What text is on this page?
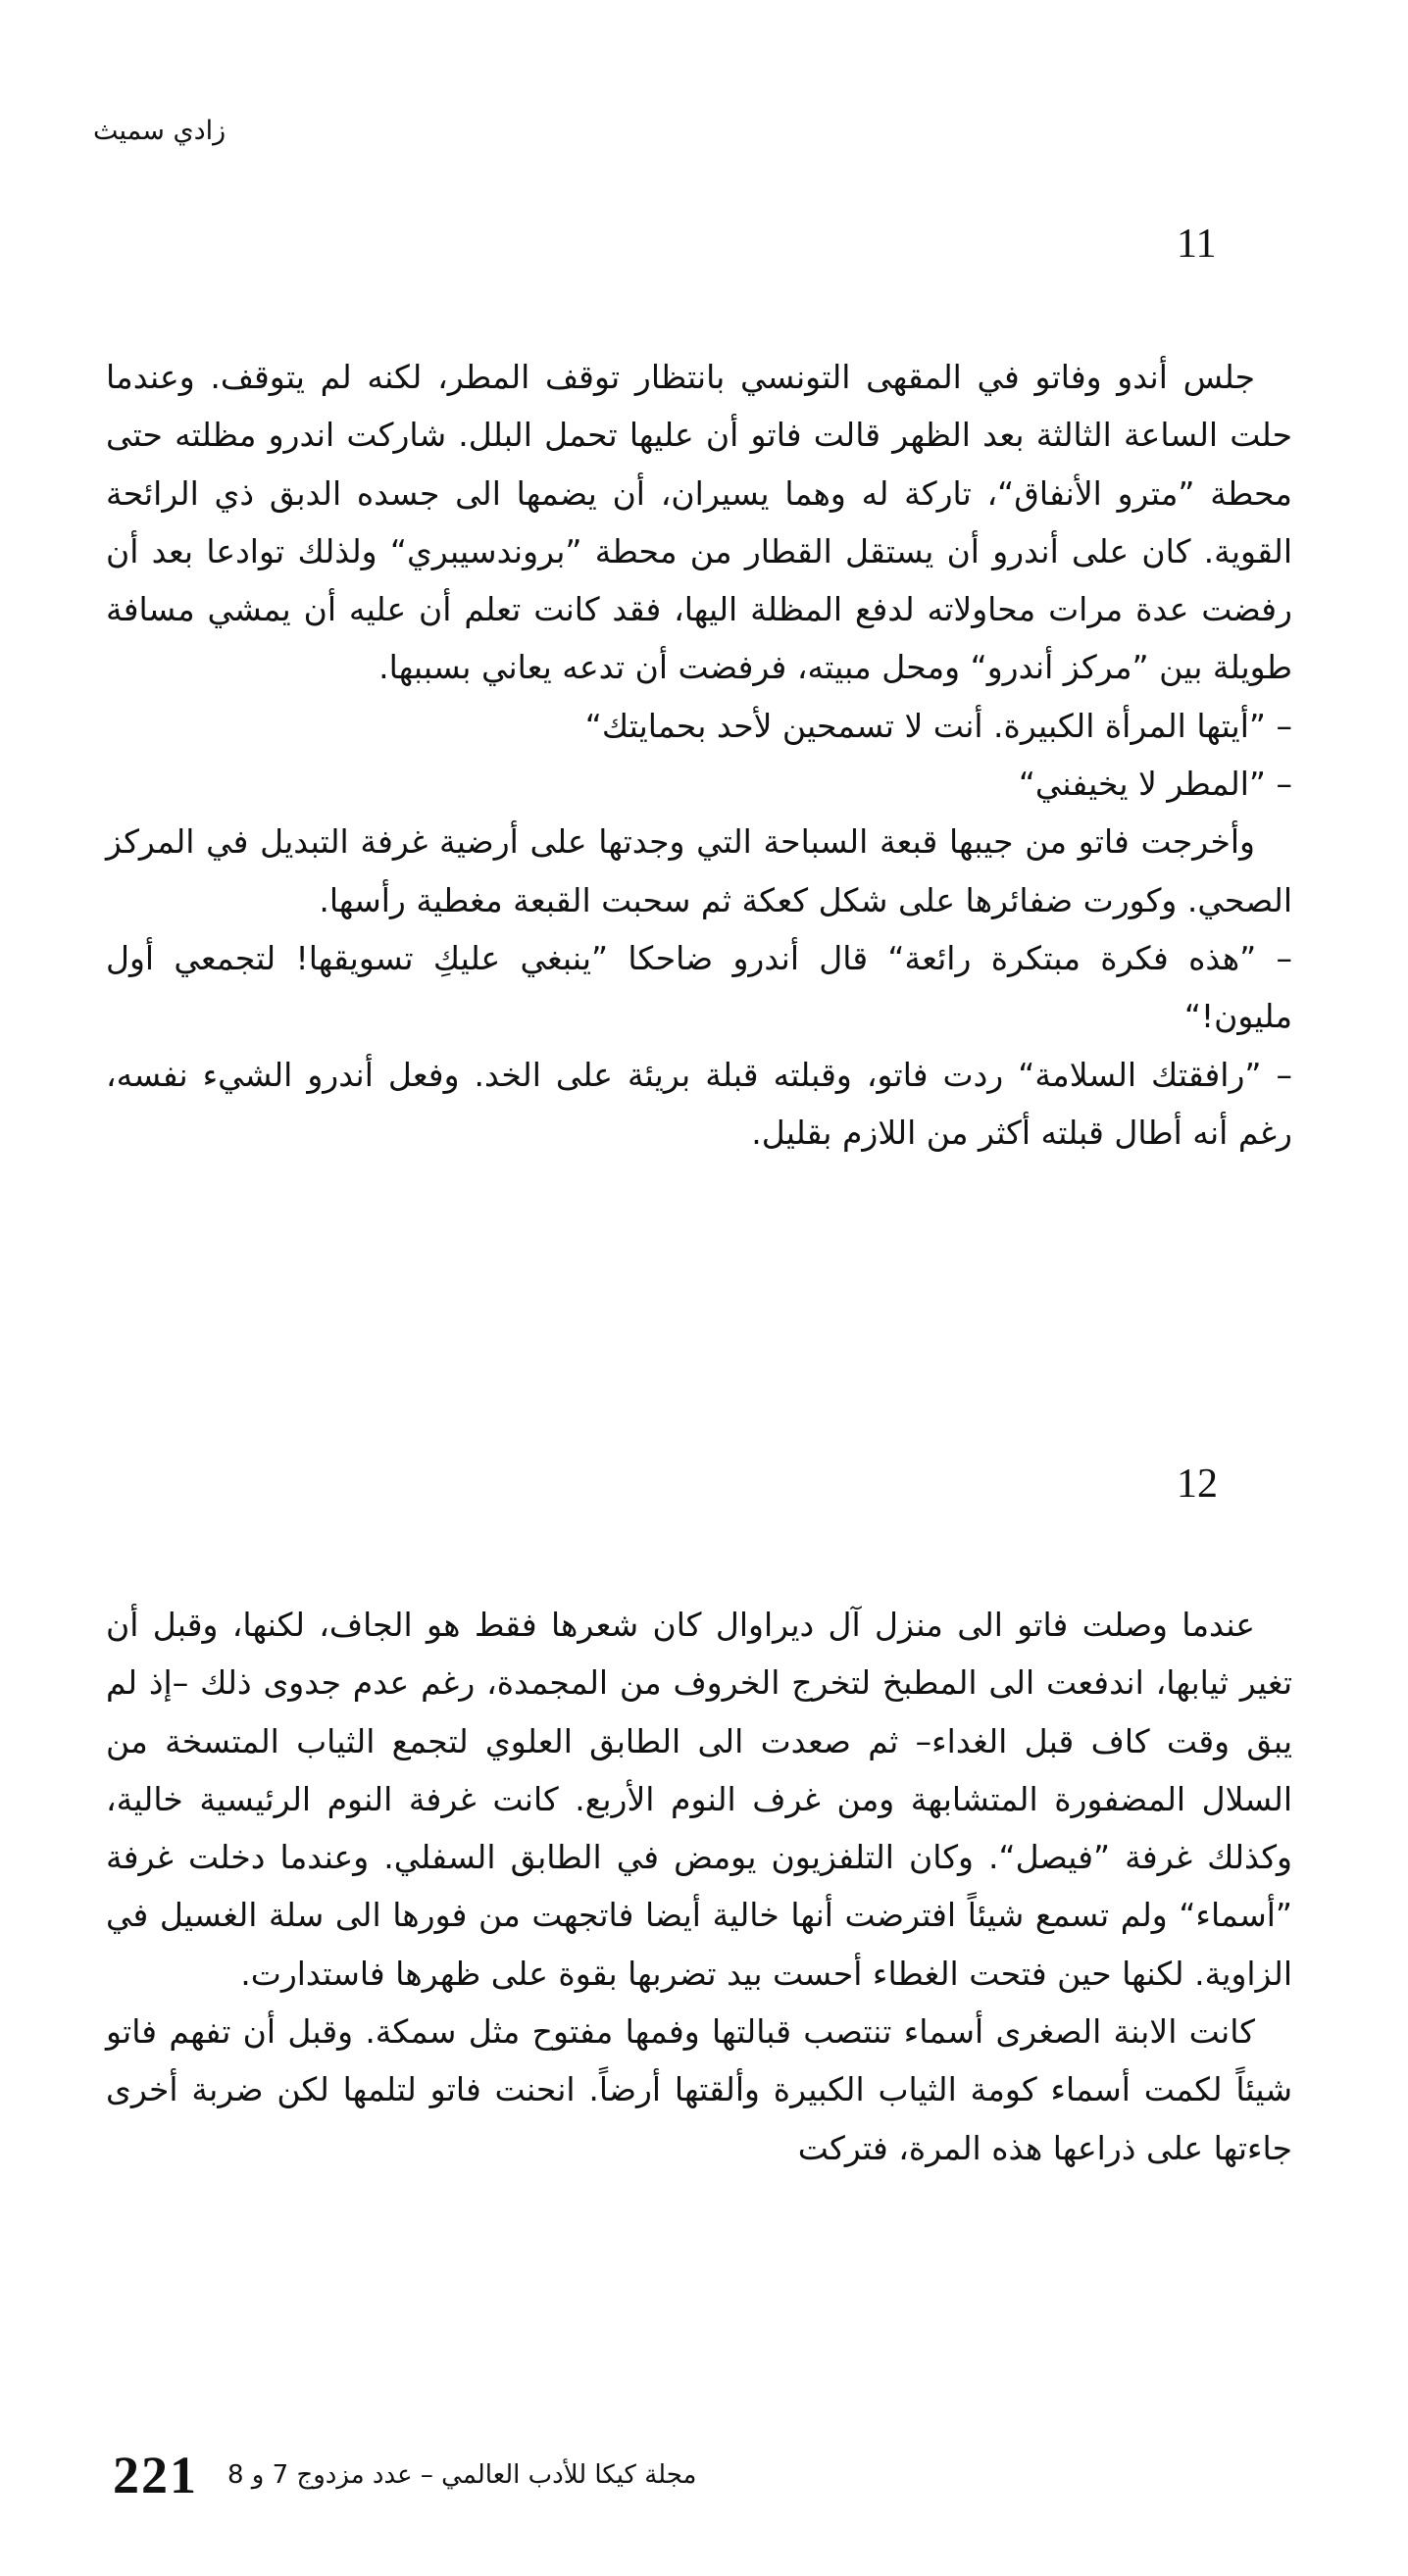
زادي سميث
11

جلس أندو وفاتو في المقهى التونسي بانتظار توقف المطر، لكنه لم يتوقف. وعندما حلت الساعة الثالثة بعد الظهر قالت فاتو أن عليها تحمل البلل. شاركت اندرو مظلته حتى محطة ”مترو الأنفاق“، تاركة له وهما يسيران، أن يضمها الى جسده الدبق ذي الرائحة القوية. كان على أندرو أن يستقل القطار من محطة ”بروندسيبري“ ولذلك توادعا بعد أن رفضت عدة مرات محاولاته لدفع المظلة اليها، فقد كانت تعلم أن عليه أن يمشي مسافة طويلة بين ”مركز أندرو“ ومحل مبيته، فرفضت أن تدعه يعاني بسببها.

– ”أيتها المرأة الكبيرة. أنت لا تسمحين لأحد بحمايتك“

– ”المطر لا يخيفني“

وأخرجت فاتو من جيبها قبعة السباحة التي وجدتها على أرضية غرفة التبديل في المركز الصحي. وكورت ضفائرها على شكل كعكة ثم سحبت القبعة مغطية رأسها.

– ”هذه فكرة مبتكرة رائعة“ قال أندرو ضاحكا ”ينبغي عليكِ تسويقها! لتجمعي أول مليون!“

– ”رافقتك السلامة“ ردت فاتو، وقبلته قبلة بريئة على الخد. وفعل أندرو الشيء نفسه، رغم أنه أطال قبلته أكثر من اللازم بقليل.

12

عندما وصلت فاتو الى منزل آل ديراوال كان شعرها فقط هو الجاف، لكنها، وقبل أن تغير ثيابها، اندفعت الى المطبخ لتخرج الخروف من المجمدة، رغم عدم جدوى ذلك –إذ لم يبق وقت كاف قبل الغداء– ثم صعدت الى الطابق العلوي لتجمع الثياب المتسخة من السلال المضفورة المتشابهة ومن غرف النوم الأربع. كانت غرفة النوم الرئيسية خالية، وكذلك غرفة ”فيصل“. وكان التلفزيون يومض في الطابق السفلي. وعندما دخلت غرفة ”أسماء“ ولم تسمع شيئاً افترضت أنها خالية أيضا فاتجهت من فورها الى سلة الغسيل في الزاوية. لكنها حين فتحت الغطاء أحست بيد تضربها بقوة على ظهرها فاستدارت.

كانت الابنة الصغرى أسماء تنتصب قبالتها وفمها مفتوح مثل سمكة. وقبل أن تفهم فاتو شيئاً لكمت أسماء كومة الثياب الكبيرة وألقتها أرضاً. انحنت فاتو لتلمها لكن ضربة أخرى جاءتها على ذراعها هذه المرة، فتركت

221 مجلة كيكا للأدب العالمي – عدد مزدوج 7 و 8
